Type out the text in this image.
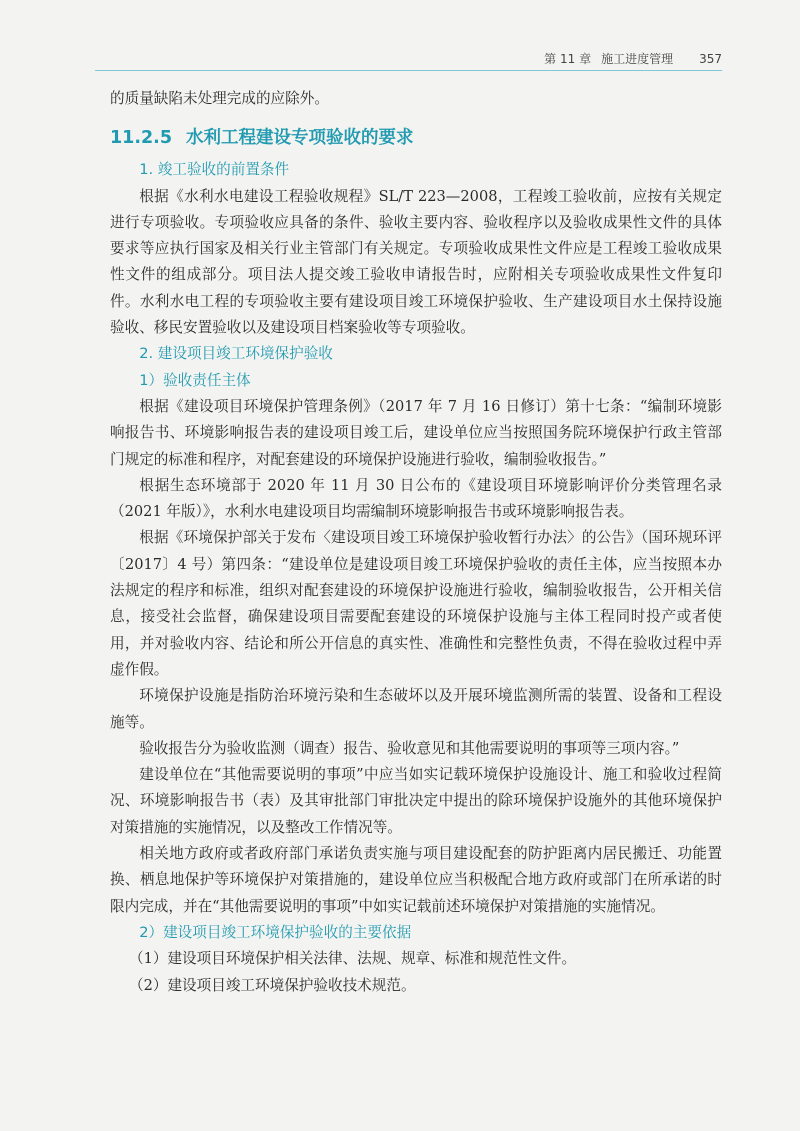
第 11 章 施工进度管理 357

的质量缺陷未处理完成的应除外。

11.2.5 水利工程建设专项验收的要求

1. 竣工验收的前置条件

根据《水利水电建设工程验收规程》SL/T 223—2008，工程竣工验收前，应按有关规定进行专项验收。专项验收应具备的条件、验收主要内容、验收程序以及验收成果性文件的具体要求等应执行国家及相关行业主管部门有关规定。专项验收成果性文件应是工程竣工验收成果性文件的组成部分。项目法人提交竣工验收申请报告时，应附相关专项验收成果性文件复印件。水利水电工程的专项验收主要有建设项目竣工环境保护验收、生产建设项目水土保持设施验收、移民安置验收以及建设项目档案验收等专项验收。

2. 建设项目竣工环境保护验收

1）验收责任主体

根据《建设项目环境保护管理条例》（2017 年 7 月 16 日修订）第十七条：“编制环境影响报告书、环境影响报告表的建设项目竣工后，建设单位应当按照国务院环境保护行政主管部门规定的标准和程序，对配套建设的环境保护设施进行验收，编制验收报告。”

根据生态环境部于 2020 年 11 月 30 日公布的《建设项目环境影响评价分类管理名录（2021 年版）》，水利水电建设项目均需编制环境影响报告书或环境影响报告表。

根据《环境保护部关于发布〈建设项目竣工环境保护验收暂行办法〉的公告》（国环规环评〔2017〕4 号）第四条：“建设单位是建设项目竣工环境保护验收的责任主体，应当按照本办法规定的程序和标准，组织对配套建设的环境保护设施进行验收，编制验收报告，公开相关信息，接受社会监督，确保建设项目需要配套建设的环境保护设施与主体工程同时投产或者使用，并对验收内容、结论和所公开信息的真实性、准确性和完整性负责，不得在验收过程中弄虚作假。

环境保护设施是指防治环境污染和生态破坏以及开展环境监测所需的装置、设备和工程设施等。

验收报告分为验收监测（调查）报告、验收意见和其他需要说明的事项等三项内容。”

建设单位在“其他需要说明的事项”中应当如实记载环境保护设施设计、施工和验收过程简况、环境影响报告书（表）及其审批部门审批决定中提出的除环境保护设施外的其他环境保护对策措施的实施情况，以及整改工作情况等。

相关地方政府或者政府部门承诺负责实施与项目建设配套的防护距离内居民搬迁、功能置换、栖息地保护等环境保护对策措施的，建设单位应当积极配合地方政府或部门在所承诺的时限内完成，并在“其他需要说明的事项”中如实记载前述环境保护对策措施的实施情况。

2）建设项目竣工环境保护验收的主要依据

（1）建设项目环境保护相关法律、法规、规章、标准和规范性文件。

（2）建设项目竣工环境保护验收技术规范。
